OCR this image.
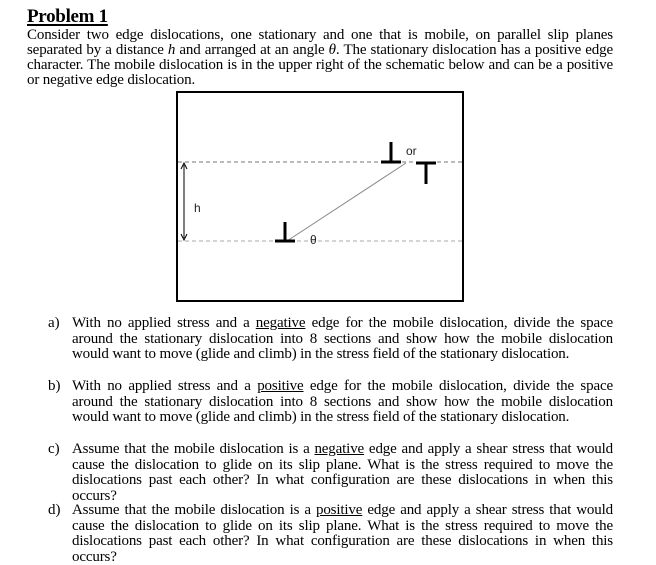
Problem 1
Consider two edge dislocations, one stationary and one that is mobile, on parallel slip planes separated by a distance h and arranged at an angle θ. The stationary dislocation has a positive edge character. The mobile dislocation is in the upper right of the schematic below and can be a positive or negative edge dislocation.
h
θ
or
a) With no applied stress and a negative edge for the mobile dislocation, divide the space around the stationary dislocation into 8 sections and show how the mobile dislocation would want to move (glide and climb) in the stress field of the stationary dislocation.
b) With no applied stress and a positive edge for the mobile dislocation, divide the space around the stationary dislocation into 8 sections and show how the mobile dislocation would want to move (glide and climb) in the stress field of the stationary dislocation.
c) Assume that the mobile dislocation is a negative edge and apply a shear stress that would cause the dislocation to glide on its slip plane. What is the stress required to move the dislocations past each other? In what configuration are these dislocations in when this occurs?
d) Assume that the mobile dislocation is a positive edge and apply a shear stress that would cause the dislocation to glide on its slip plane. What is the stress required to move the dislocations past each other? In what configuration are these dislocations in when this occurs?
